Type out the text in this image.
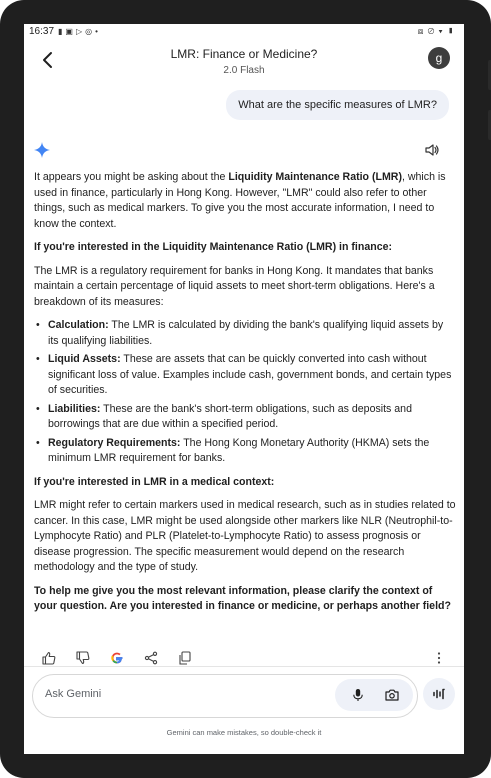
16:37 ▮▣▷◎•	⧈⊘▾▮
LMR: Finance or Medicine?
2.0 Flash
g
What are the specific measures of LMR?

It appears you might be asking about the Liquidity Maintenance Ratio (LMR), which is used in finance, particularly in Hong Kong. However, "LMR" could also refer to other things, such as medical markers. To give you the most accurate information, I need to know the context.

If you're interested in the Liquidity Maintenance Ratio (LMR) in finance:

The LMR is a regulatory requirement for banks in Hong Kong. It mandates that banks maintain a certain percentage of liquid assets to meet short-term obligations. Here's a breakdown of its measures:

• Calculation: The LMR is calculated by dividing the bank's qualifying liquid assets by its qualifying liabilities.
• Liquid Assets: These are assets that can be quickly converted into cash without significant loss of value. Examples include cash, government bonds, and certain types of securities.
• Liabilities: These are the bank's short-term obligations, such as deposits and borrowings that are due within a specified period.
• Regulatory Requirements: The Hong Kong Monetary Authority (HKMA) sets the minimum LMR requirement for banks.

If you're interested in LMR in a medical context:

LMR might refer to certain markers used in medical research, such as in studies related to cancer. In this case, LMR might be used alongside other markers like NLR (Neutrophil-to-Lymphocyte Ratio) and PLR (Platelet-to-Lymphocyte Ratio) to assess prognosis or disease progression. The specific measurement would depend on the research methodology and the type of study.

To help me give you the most relevant information, please clarify the context of your question. Are you interested in finance or medicine, or perhaps another field?

Ask Gemini
Gemini can make mistakes, so double-check it
